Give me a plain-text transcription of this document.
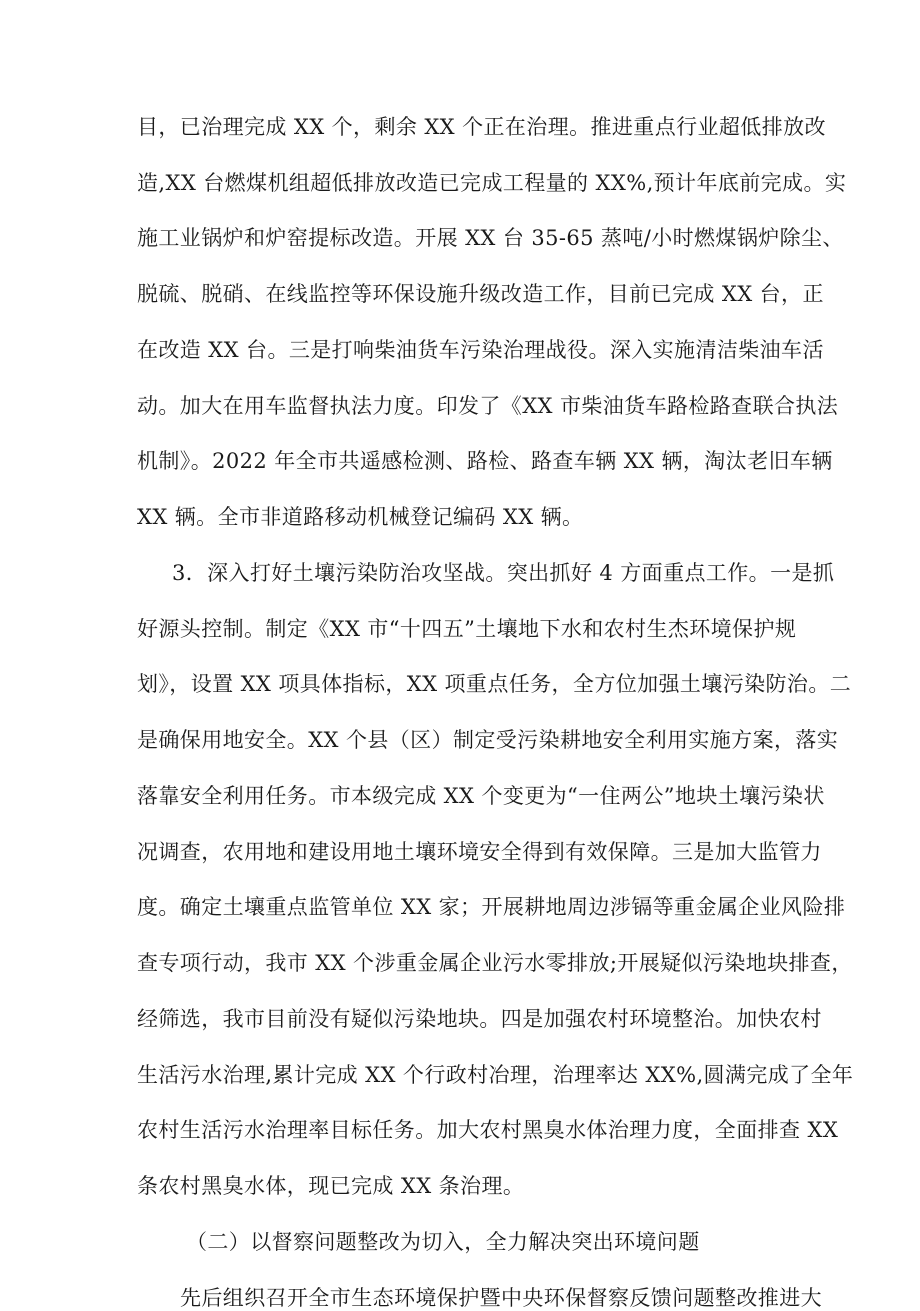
目，已治理完成 XX 个，剩余 XX 个正在治理。推进重点行业超低排放改
造,XX 台燃煤机组超低排放改造已完成工程量的 XX%,预计年底前完成。实
施工业锅炉和炉窑提标改造。开展 XX 台 35-65 蒸吨/小时燃煤锅炉除尘、
脱硫、脱硝、在线监控等环保设施升级改造工作，目前已完成 XX 台，正
在改造 XX 台。三是打响柴油货车污染治理战役。深入实施清洁柴油车活
动。加大在用车监督执法力度。印发了《XX 市柴油货车路检路查联合执法
机制》。2022 年全市共遥感检测、路检、路查车辆 XX 辆，淘汰老旧车辆
XX 辆。全市非道路移动机械登记编码 XX 辆。
3．深入打好土壤污染防治攻坚战。突出抓好 4 方面重点工作。一是抓
好源头控制。制定《XX 市“十四五”土壤地下水和农村生杰环境保护规
划》，设置 XX 项具体指标，XX 项重点任务，全方位加强土壤污染防治。二
是确保用地安全。XX 个县（区）制定受污染耕地安全利用实施方案，落实
落靠安全利用任务。市本级完成 XX 个变更为“一住两公”地块土壤污染状
况调查，农用地和建设用地土壤环境安全得到有效保障。三是加大监管力
度。确定土壤重点监管单位 XX 家；开展耕地周边涉镉等重金属企业风险排
查专项行动，我市 XX 个涉重金属企业污水零排放;开展疑似污染地块排查，
经筛选，我市目前没有疑似污染地块。四是加强农村环境整治。加快农村
生活污水治理,累计完成 XX 个行政村冶理，治理率达 XX%,圆满完成了全年
农村生活污水治理率目标任务。加大农村黑臭水体治理力度，全面排查 XX
条农村黑臭水体，现已完成 XX 条治理。
（二）以督察问题整改为切入，全力解决突出环境问题
先后组织召开全市生态环境保护暨中央环保督察反馈问题整改推进大
